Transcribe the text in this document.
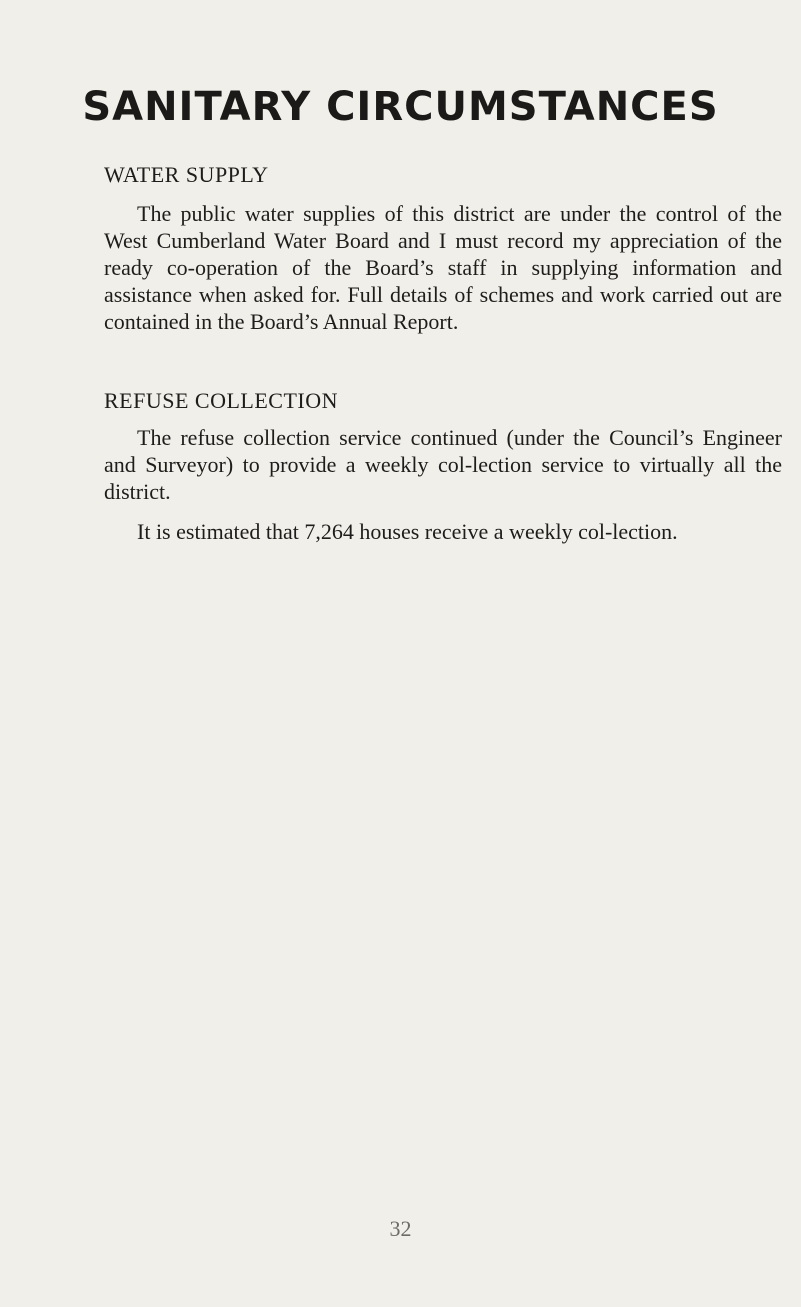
SANITARY CIRCUMSTANCES
WATER SUPPLY

The public water supplies of this district are under the control of the West Cumberland Water Board and I must record my appreciation of the ready co-operation of the Board’s staff in supplying information and assistance when asked for. Full details of schemes and work carried out are contained in the Board’s Annual Report.

REFUSE COLLECTION

The refuse collection service continued (under the Council’s Engineer and Surveyor) to provide a weekly col-lection service to virtually all the district.

It is estimated that 7,264 houses receive a weekly col-lection.

32
